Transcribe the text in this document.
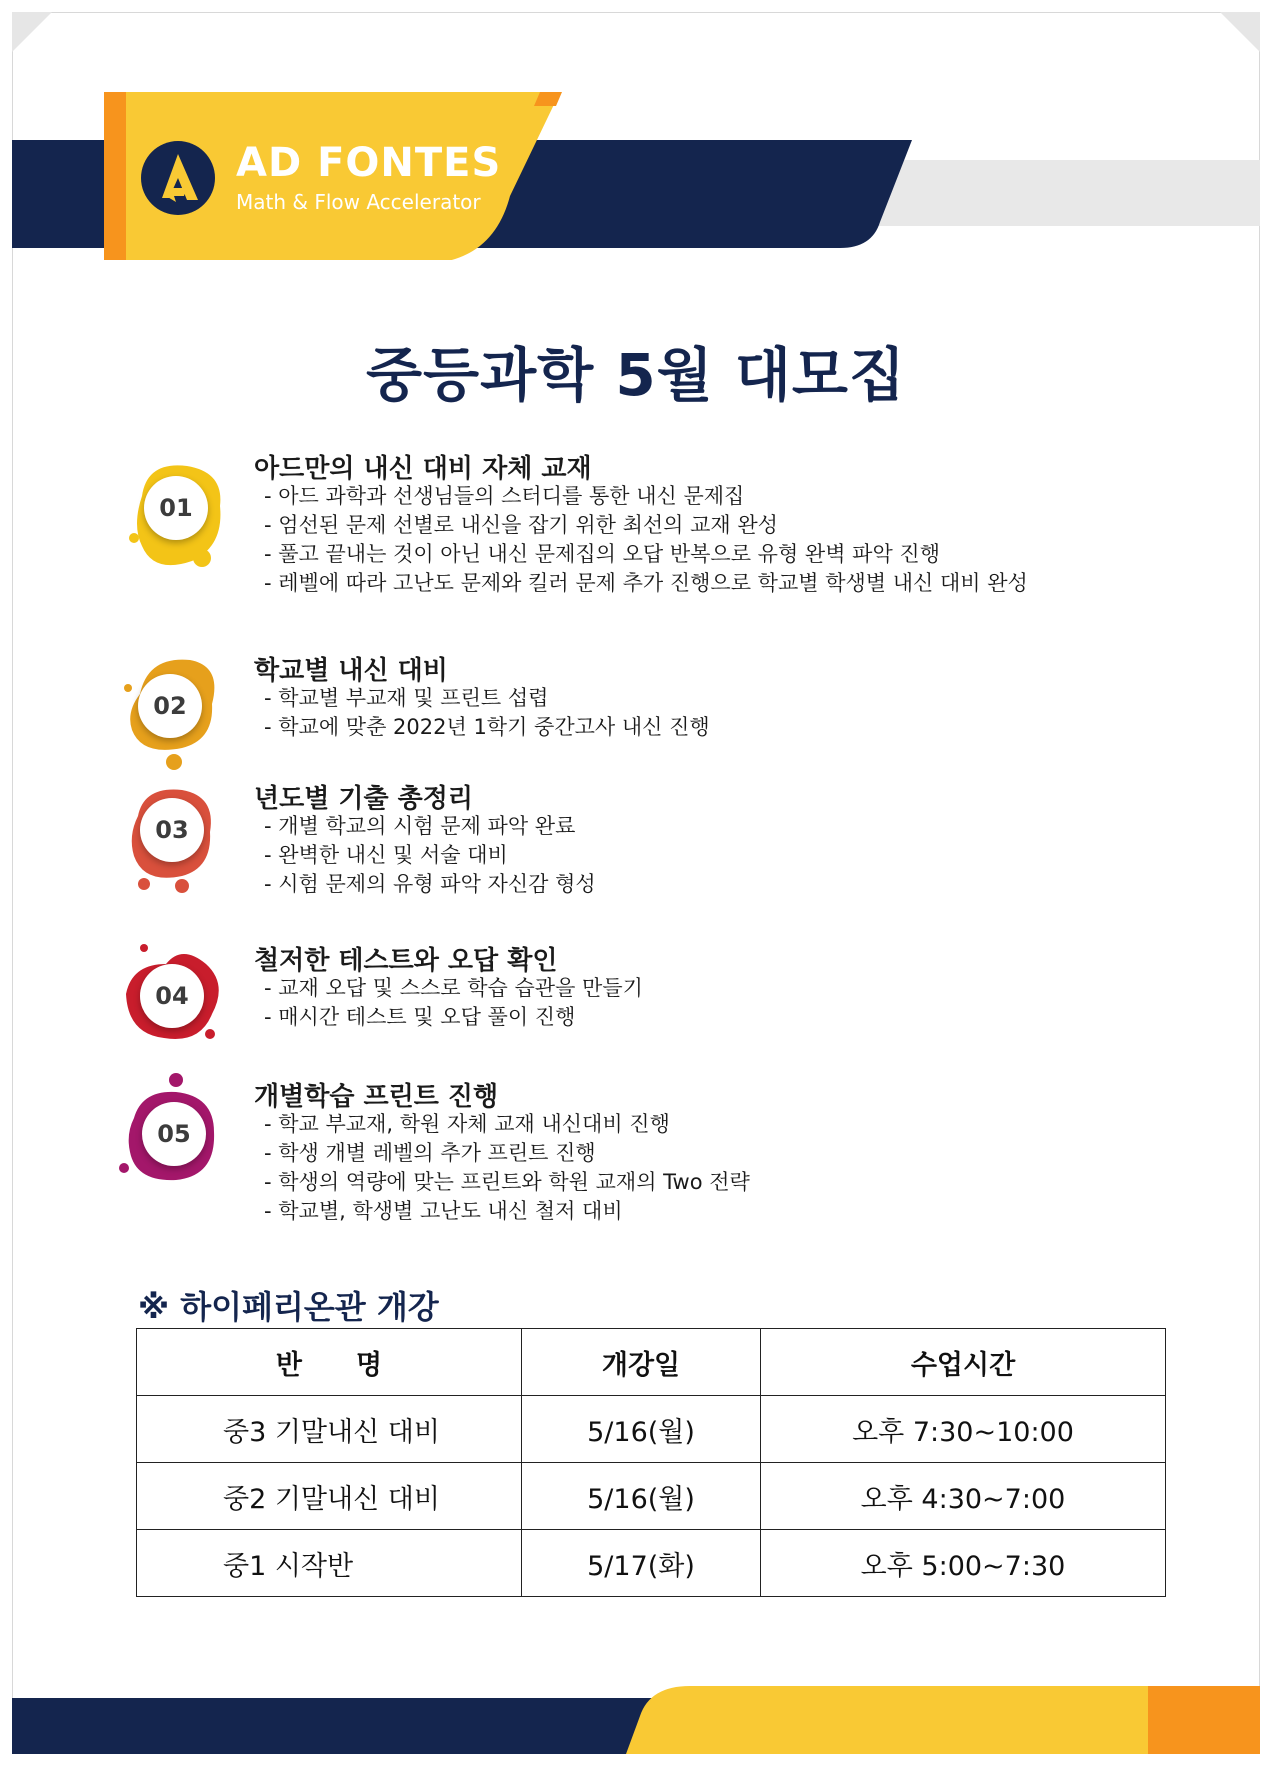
AD FONTES
Math & Flow Accelerator
중등과학 5월 대모집
01
아드만의 내신 대비 자체 교재
- 아드 과학과 선생님들의 스터디를 통한 내신 문제집
- 엄선된 문제 선별로 내신을 잡기 위한 최선의 교재 완성
- 풀고 끝내는 것이 아닌 내신 문제집의 오답 반복으로 유형 완벽 파악 진행
- 레벨에 따라 고난도 문제와 킬러 문제 추가 진행으로 학교별 학생별 내신 대비 완성
02
학교별 내신 대비
- 학교별 부교재 및 프린트 섭렵
- 학교에 맞춘 2022년 1학기 중간고사 내신 진행
03
년도별 기출 총정리
- 개별 학교의 시험 문제 파악 완료
- 완벽한 내신 및 서술 대비
- 시험 문제의 유형 파악 자신감 형성
04
철저한 테스트와 오답 확인
- 교재 오답 및 스스로 학습 습관을 만들기
- 매시간 테스트 및 오답 풀이 진행
05
개별학습 프린트 진행
- 학교 부교재, 학원 자체 교재 내신대비 진행
- 학생 개별 레벨의 추가 프린트 진행
- 학생의 역량에 맞는 프린트와 학원 교재의 Two 전략
- 학교별, 학생별 고난도 내신 철저 대비
※ 하이페리온관 개강
반　　명	개강일	수업시간
중3 기말내신 대비	5/16(월)	오후 7:30~10:00
중2 기말내신 대비	5/16(월)	오후 4:30~7:00
중1 시작반	5/17(화)	오후 5:00~7:30
